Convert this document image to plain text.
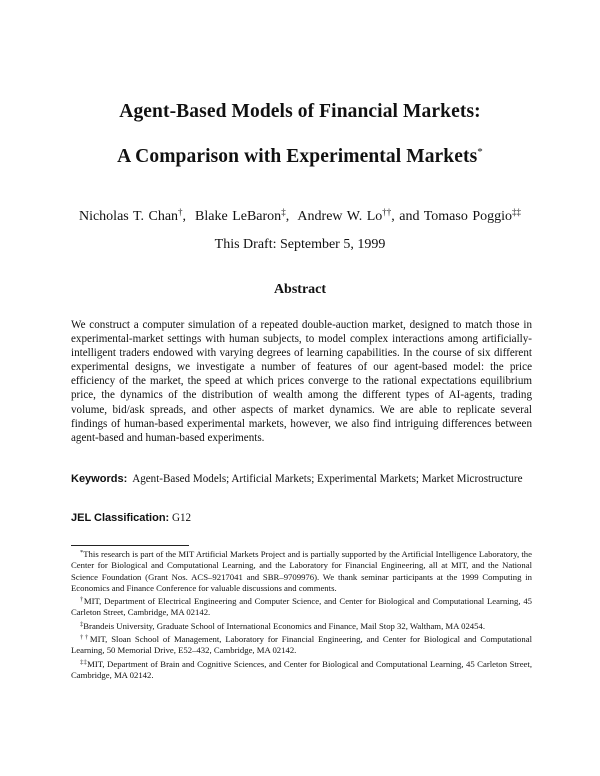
Agent-Based Models of Financial Markets:
A Comparison with Experimental Markets*
Nicholas T. Chan†, Blake LeBaron‡, Andrew W. Lo††, and Tomaso Poggio‡‡
This Draft: September 5, 1999
Abstract
We construct a computer simulation of a repeated double-auction market, designed to match those in experimental-market settings with human subjects, to model complex interactions among artificially-intelligent traders endowed with varying degrees of learning capabilities. In the course of six different experimental designs, we investigate a number of features of our agent-based model: the price efficiency of the market, the speed at which prices converge to the rational expectations equilibrium price, the dynamics of the distribution of wealth among the different types of AI-agents, trading volume, bid/ask spreads, and other aspects of market dynamics. We are able to replicate several findings of human-based experimental markets, however, we also find intriguing differences between agent-based and human-based experiments.
Keywords: Agent-Based Models; Artificial Markets; Experimental Markets; Market Microstructure
JEL Classification: G12

*This research is part of the MIT Artificial Markets Project and is partially supported by the Artificial Intelligence Laboratory, the Center for Biological and Computational Learning, and the Laboratory for Financial Engineering, all at MIT, and the National Science Foundation (Grant Nos. ACS–9217041 and SBR–9709976). We thank seminar participants at the 1999 Computing in Economics and Finance Conference for valuable discussions and comments.

†MIT, Department of Electrical Engineering and Computer Science, and Center for Biological and Computational Learning, 45 Carleton Street, Cambridge, MA 02142.

‡Brandeis University, Graduate School of International Economics and Finance, Mail Stop 32, Waltham, MA 02454.

††MIT, Sloan School of Management, Laboratory for Financial Engineering, and Center for Biological and Computational Learning, 50 Memorial Drive, E52–432, Cambridge, MA 02142.

‡‡MIT, Department of Brain and Cognitive Sciences, and Center for Biological and Computational Learning, 45 Carleton Street, Cambridge, MA 02142.
